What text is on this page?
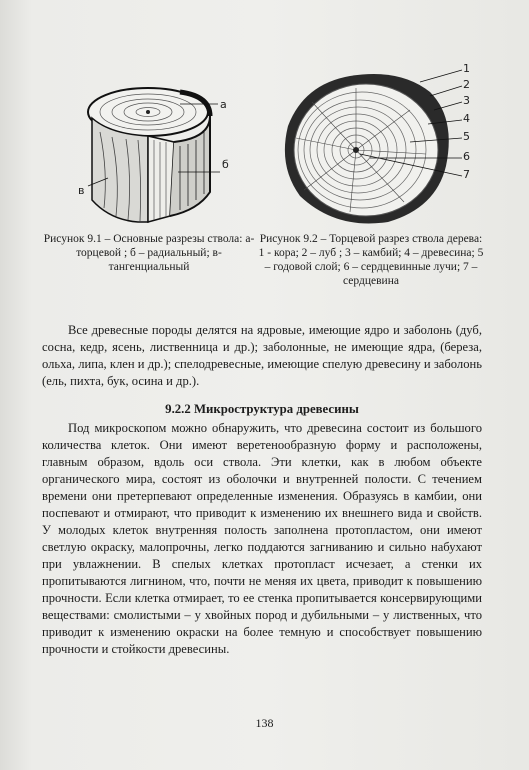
а
б
в
1
2
3
4
5
6
7
Рисунок 9.1 – Основные разрезы ствола: а- торцевой ; б – радиальный; в- тангенциальный
Рисунок 9.2 – Торцевой разрез ствола дерева: 1 - кора; 2 – луб ; 3 – камбий; 4 – древесина; 5 – годовой слой; 6 – сердцевинные лучи; 7 – сердцевина

Все древесные породы делятся на ядровые, имеющие ядро и заболонь (дуб, сосна, кедр, ясень, лиственница и др.); заболонные, не имеющие ядра, (береза, ольха, липа, клен и др.); спелодревесные, имеющие спелую древесину и заболонь (ель, пихта, бук, осина и др.).

9.2.2 Микроструктура древесины

Под микроскопом можно обнаружить, что древесина состоит из большого количества клеток. Они имеют веретенообразную форму и расположены, главным образом, вдоль оси ствола. Эти клетки, как в любом объекте органического мира, состоят из оболочки и внутренней полости. С течением времени они претерпевают определенные изменения. Образуясь в камбии, они поспевают и отмирают, что приводит к изменению их внешнего вида и свойств. У молодых клеток внутренняя полость заполнена протопластом, они имеют светлую окраску, малопрочны, легко поддаются загниванию и сильно набухают при увлажнении. В спелых клетках протопласт исчезает, а стенки их пропитываются лигнином, что, почти не меняя их цвета, приводит к повышению прочности. Если клетка отмирает, то ее стенка пропитывается консервирующими веществами: смолистыми – у хвойных пород и дубильными – у лиственных, что приводит к изменению окраски на более темную и способствует повышению прочности и стойкости древесины.

138
